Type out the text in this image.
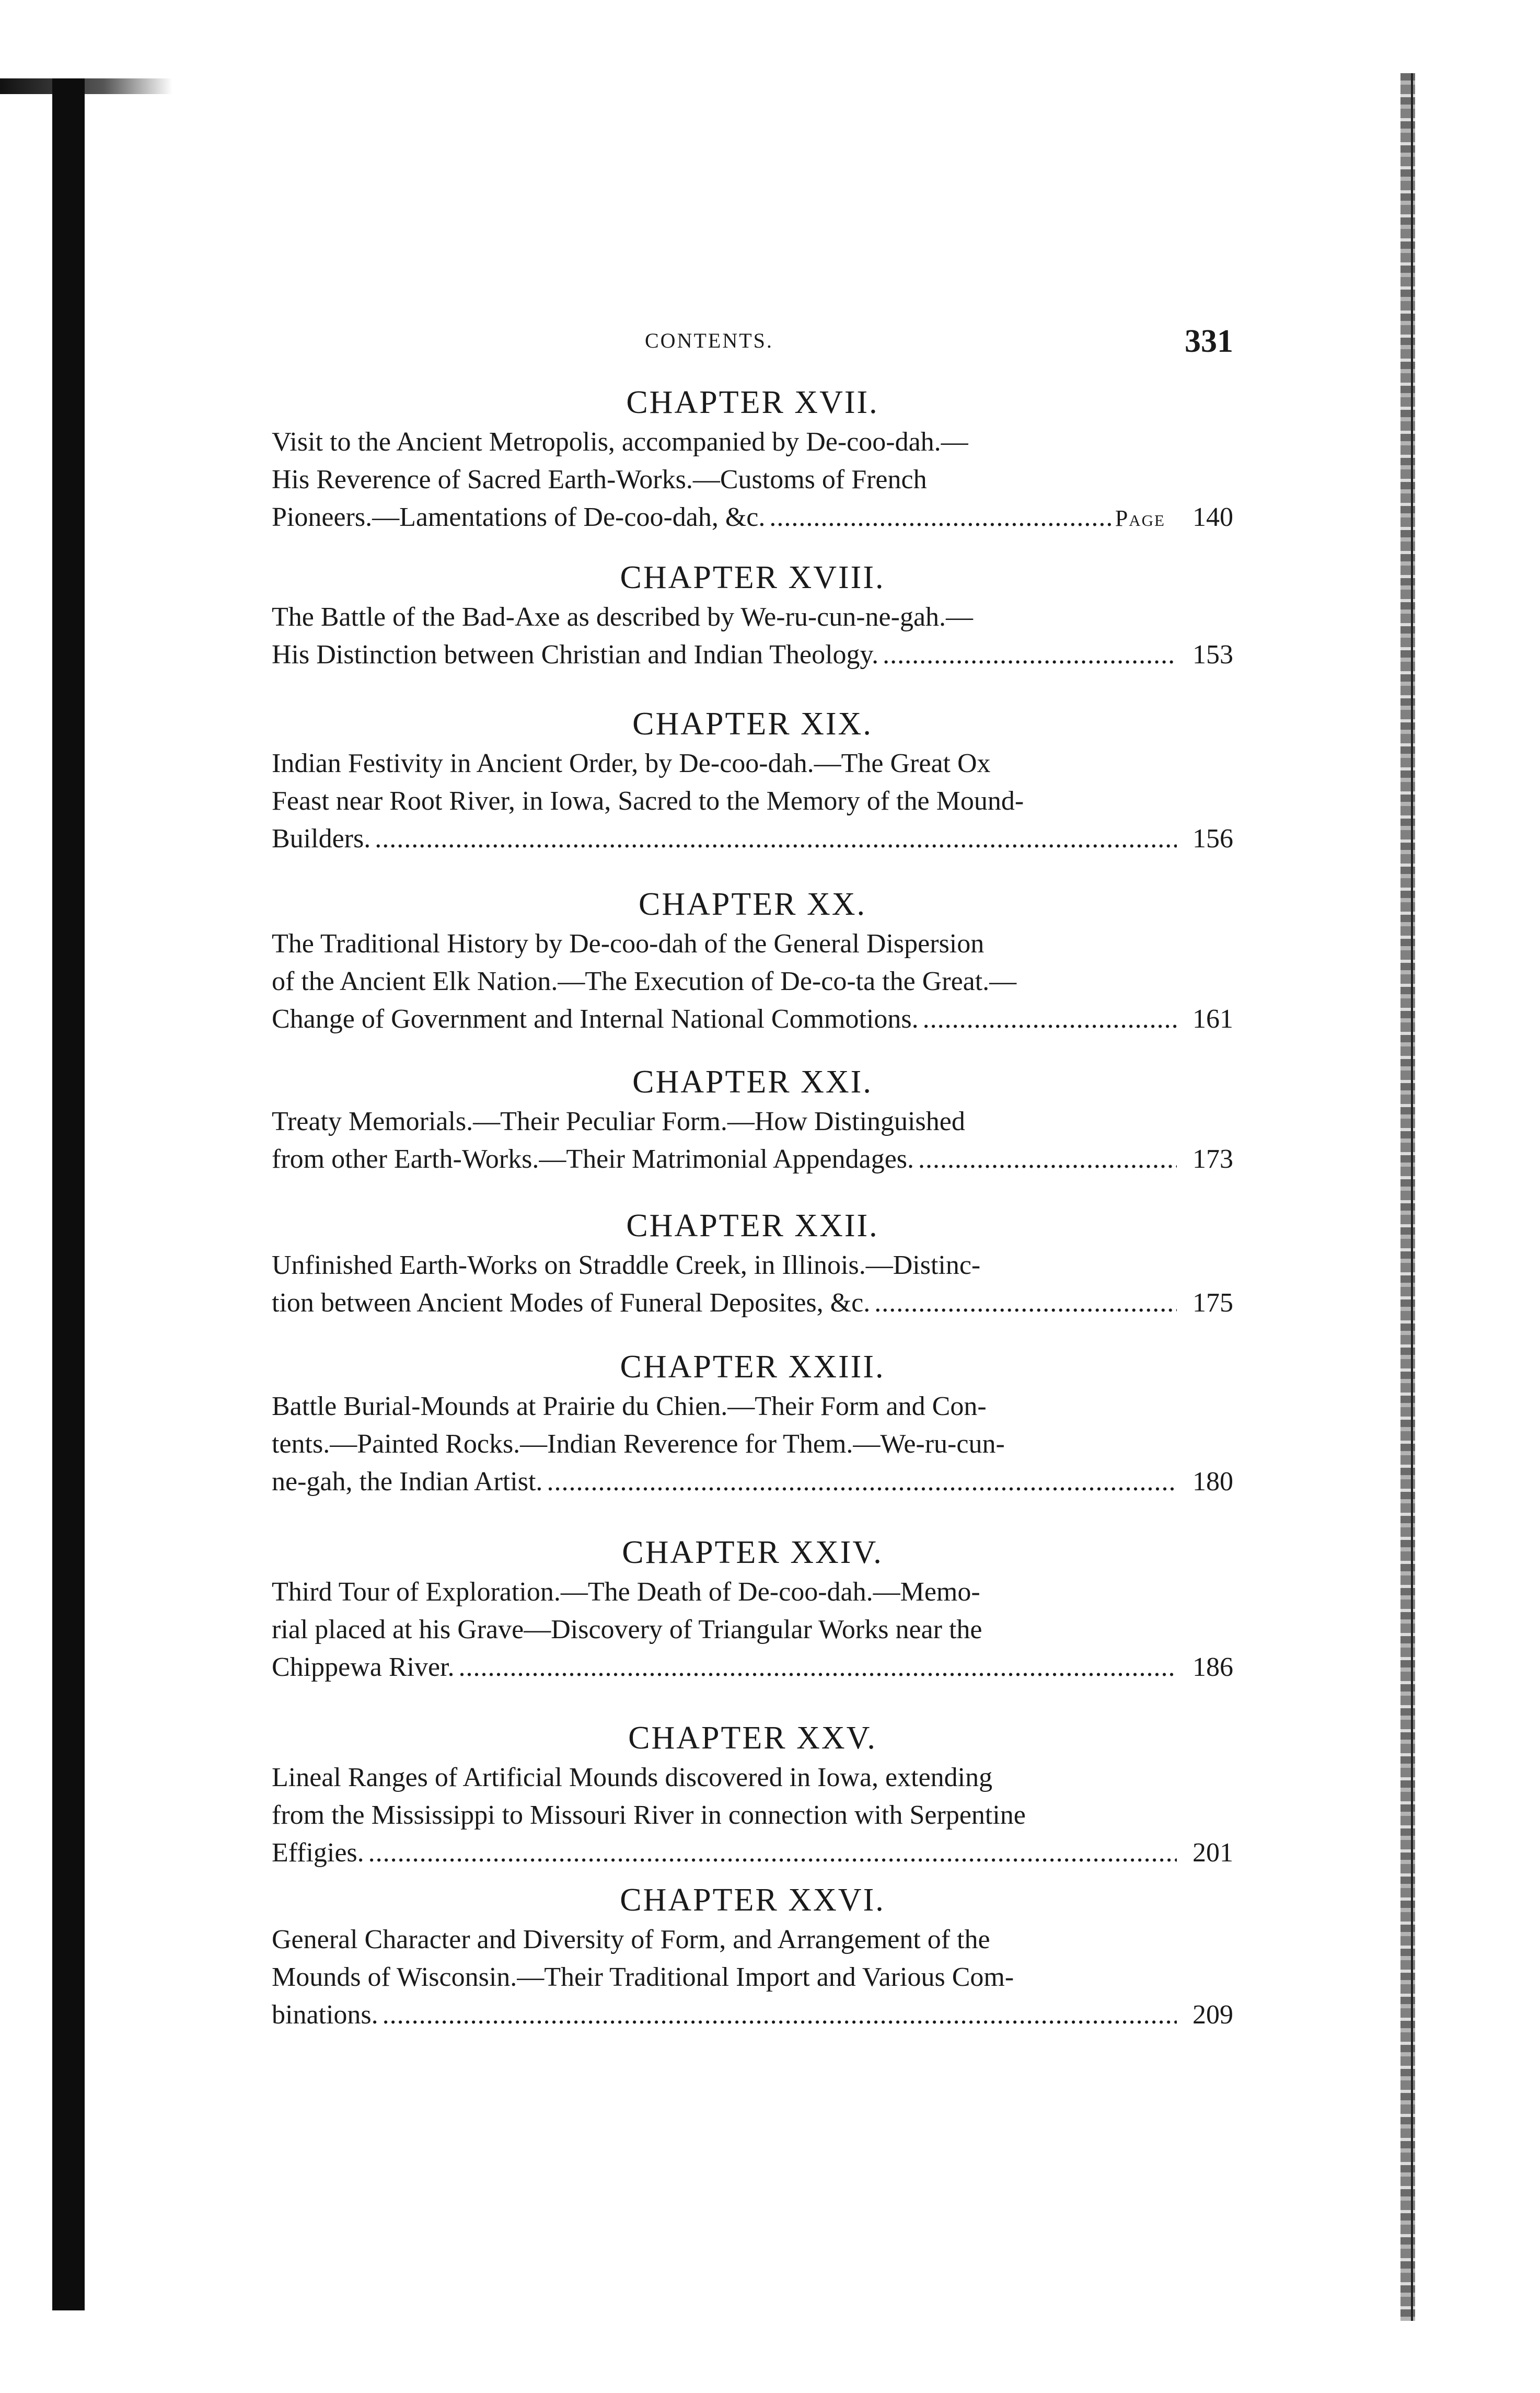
CONTENTS.	331
CHAPTER XVII.

Visit to the Ancient Metropolis, accompanied by De-coo-dah.—

His Reverence of Sacred Earth-Works.—Customs of French

Pioneers.—Lamentations of De-coo-dah, &c. . . .	Page	140
CHAPTER XVIII.

The Battle of the Bad-Axe as described by We-ru-cun-ne-gah.—

His Distinction between Christian and Indian Theology. . . .	153
CHAPTER XIX.

Indian Festivity in Ancient Order, by De-coo-dah.—The Great Ox

Feast near Root River, in Iowa, Sacred to the Memory of the Mound-

Builders. . . .	156
CHAPTER XX.

The Traditional History by De-coo-dah of the General Dispersion

of the Ancient Elk Nation.—The Execution of De-co-ta the Great.—

Change of Government and Internal National Commotions. . . .	161
CHAPTER XXI.

Treaty Memorials.—Their Peculiar Form.—How Distinguished

from other Earth-Works.—Their Matrimonial Appendages. . . .	173
CHAPTER XXII.

Unfinished Earth-Works on Straddle Creek, in Illinois.—Distinc-

tion between Ancient Modes of Funeral Deposites, &c. . . .	175
CHAPTER XXIII.

Battle Burial-Mounds at Prairie du Chien.—Their Form and Con-

tents.—Painted Rocks.—Indian Reverence for Them.—We-ru-cun-

ne-gah, the Indian Artist. . . .	180
CHAPTER XXIV.

Third Tour of Exploration.—The Death of De-coo-dah.—Memo-

rial placed at his Grave—Discovery of Triangular Works near the

Chippewa River. . . .	186
CHAPTER XXV.

Lineal Ranges of Artificial Mounds discovered in Iowa, extending

from the Mississippi to Missouri River in connection with Serpentine

Effigies. . . .	201
CHAPTER XXVI.

General Character and Diversity of Form, and Arrangement of the

Mounds of Wisconsin.—Their Traditional Import and Various Com-

binations. . . .	209
